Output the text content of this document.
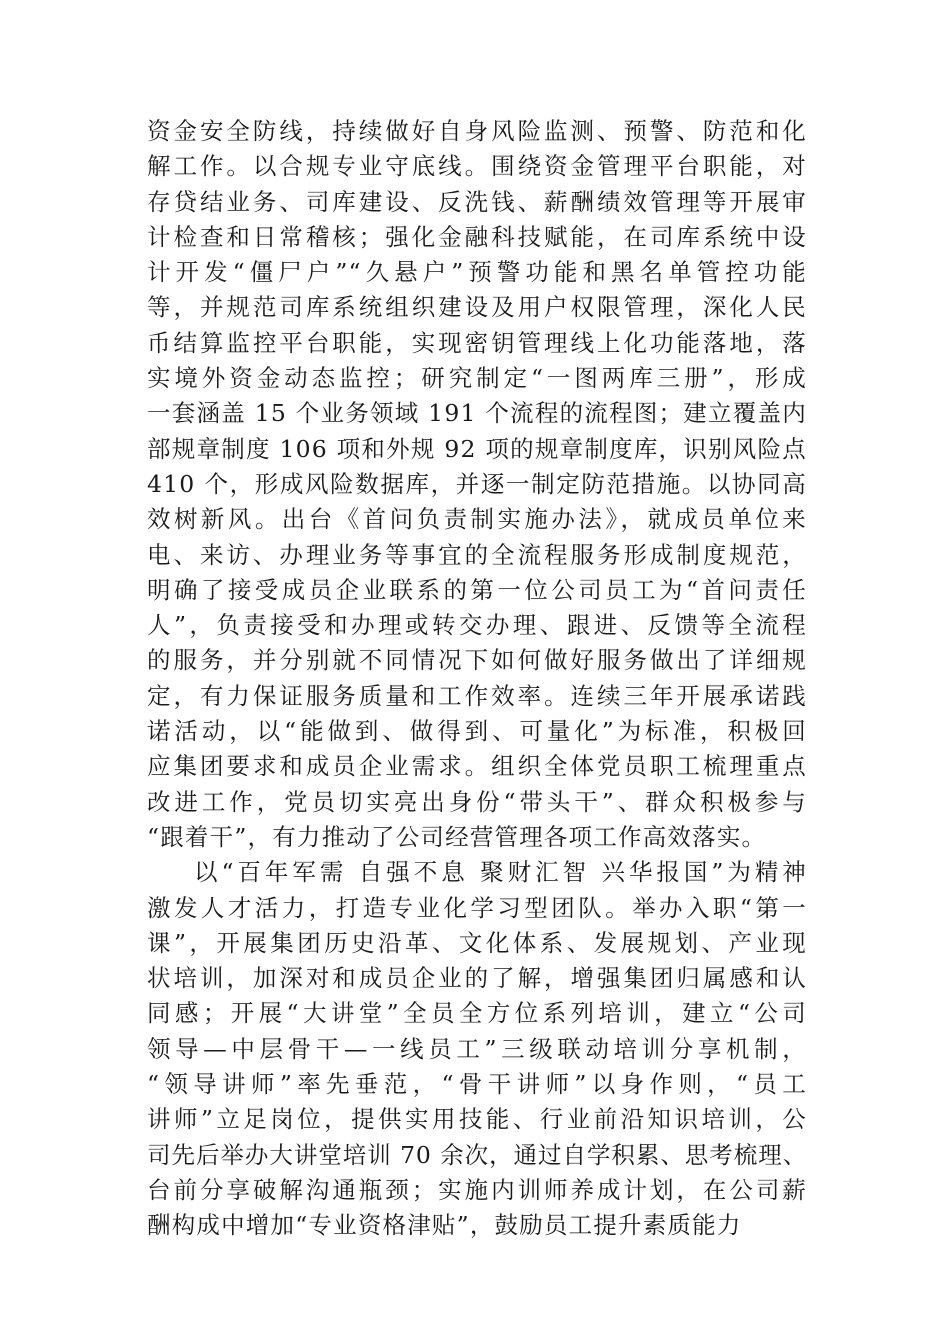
资金安全防线，持续做好自身风险监测、预警、防范和化
解工作。以合规专业守底线。围绕资金管理平台职能，对
存贷结业务、司库建设、反洗钱、薪酬绩效管理等开展审
计检查和日常稽核；强化金融科技赋能，在司库系统中设
计开发“僵尸户”“久悬户”预警功能和黑名单管控功能
等，并规范司库系统组织建设及用户权限管理，深化人民
币结算监控平台职能，实现密钥管理线上化功能落地，落
实境外资金动态监控；研究制定“一图两库三册”，形成
一套涵盖 15 个业务领域 191 个流程的流程图；建立覆盖内
部规章制度 106 项和外规 92 项的规章制度库，识别风险点
410 个，形成风险数据库，并逐一制定防范措施。以协同高
效树新风。出台《首问负责制实施办法》，就成员单位来
电、来访、办理业务等事宜的全流程服务形成制度规范，
明确了接受成员企业联系的第一位公司员工为“首问责任
人”，负责接受和办理或转交办理、跟进、反馈等全流程
的服务，并分别就不同情况下如何做好服务做出了详细规
定，有力保证服务质量和工作效率。连续三年开展承诺践
诺活动，以“能做到、做得到、可量化”为标准，积极回
应集团要求和成员企业需求。组织全体党员职工梳理重点
改进工作，党员切实亮出身份“带头干”、群众积极参与
“跟着干”，有力推动了公司经营管理各项工作高效落实。
以“百年军需 自强不息 聚财汇智 兴华报国”为精神
激发人才活力，打造专业化学习型团队。举办入职“第一
课”，开展集团历史沿革、文化体系、发展规划、产业现
状培训，加深对和成员企业的了解，增强集团归属感和认
同感；开展“大讲堂”全员全方位系列培训，建立“公司
领导—中层骨干—一线员工”三级联动培训分享机制，
“领导讲师”率先垂范，“骨干讲师”以身作则，“员工
讲师”立足岗位，提供实用技能、行业前沿知识培训，公
司先后举办大讲堂培训 70 余次，通过自学积累、思考梳理、
台前分享破解沟通瓶颈；实施内训师养成计划，在公司薪
酬构成中增加“专业资格津贴”，鼓励员工提升素质能力
